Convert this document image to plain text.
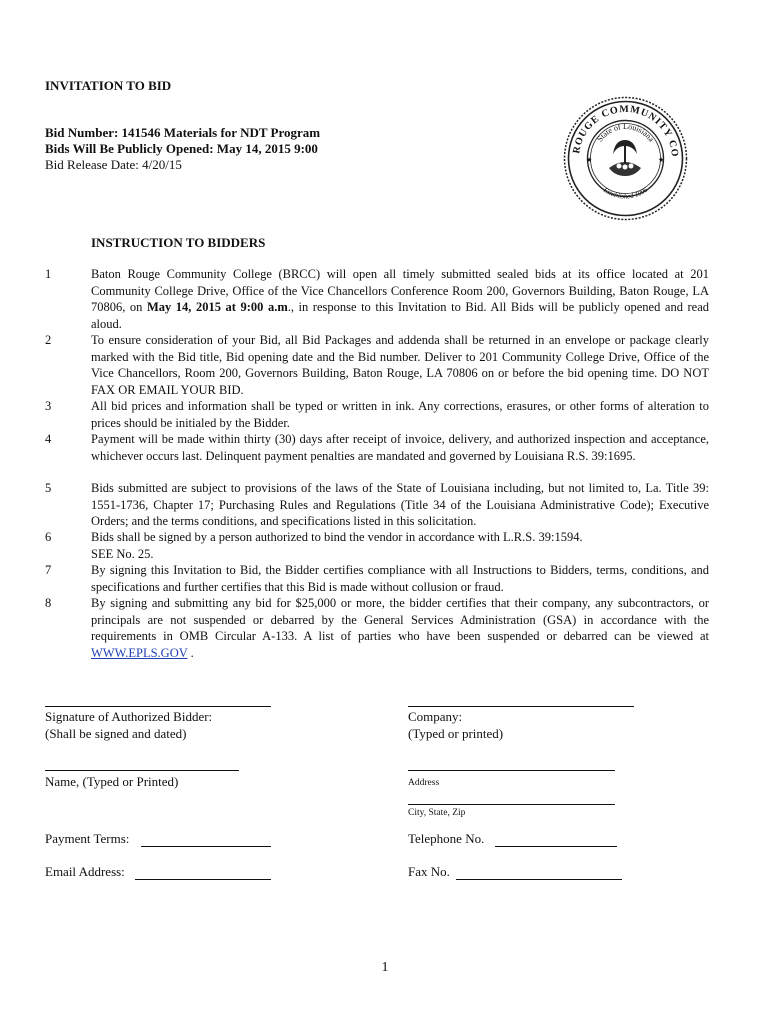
INVITATION TO BID
Bid Number: 141546 Materials for NDT Program
Bids Will Be Publicly Opened: May 14, 2015 9:00
Bid Release Date: 4/20/15
ROUGE COMMUNITY CO
State of Louisiana
Established 1996
★	★
INSTRUCTION TO BIDDERS
1	Baton Rouge Community College (BRCC) will open all timely submitted sealed bids at its office located at 201 Community College Drive, Office of the Vice Chancellors Conference Room 200, Governors Building, Baton Rouge, LA 70806, on May 14, 2015 at 9:00 a.m., in response to this Invitation to Bid. All Bids will be publicly opened and read aloud.
2	To ensure consideration of your Bid, all Bid Packages and addenda shall be returned in an envelope or package clearly marked with the Bid title, Bid opening date and the Bid number. Deliver to 201 Community College Drive, Office of the Vice Chancellors, Room 200, Governors Building, Baton Rouge, LA 70806 on or before the bid opening time. DO NOT FAX OR EMAIL YOUR BID.
3	All bid prices and information shall be typed or written in ink. Any corrections, erasures, or other forms of alteration to prices should be initialed by the Bidder.
4	Payment will be made within thirty (30) days after receipt of invoice, delivery, and authorized inspection and acceptance, whichever occurs last. Delinquent payment penalties are mandated and governed by Louisiana R.S. 39:1695.
5	Bids submitted are subject to provisions of the laws of the State of Louisiana including, but not limited to, La. Title 39: 1551-1736, Chapter 17; Purchasing Rules and Regulations (Title 34 of the Louisiana Administrative Code); Executive Orders; and the terms conditions, and specifications listed in this solicitation.
6	Bids shall be signed by a person authorized to bind the vendor in accordance with L.R.S. 39:1594.
SEE No. 25.
7	By signing this Invitation to Bid, the Bidder certifies compliance with all Instructions to Bidders, terms, conditions, and specifications and further certifies that this Bid is made without collusion or fraud.
8	By signing and submitting any bid for $25,000 or more, the bidder certifies that their company, any subcontractors, or principals are not suspended or debarred by the General Services Administration (GSA) in accordance with the requirements in OMB Circular A-133. A list of parties who have been suspended or debarred can be viewed at WWW.EPLS.GOV .
Signature of Authorized Bidder:
(Shall be signed and dated)
Company:
(Typed or printed)
Name, (Typed or Printed)	Address
City, State, Zip
Payment Terms:	Telephone No.
Email Address:	Fax No.
1
